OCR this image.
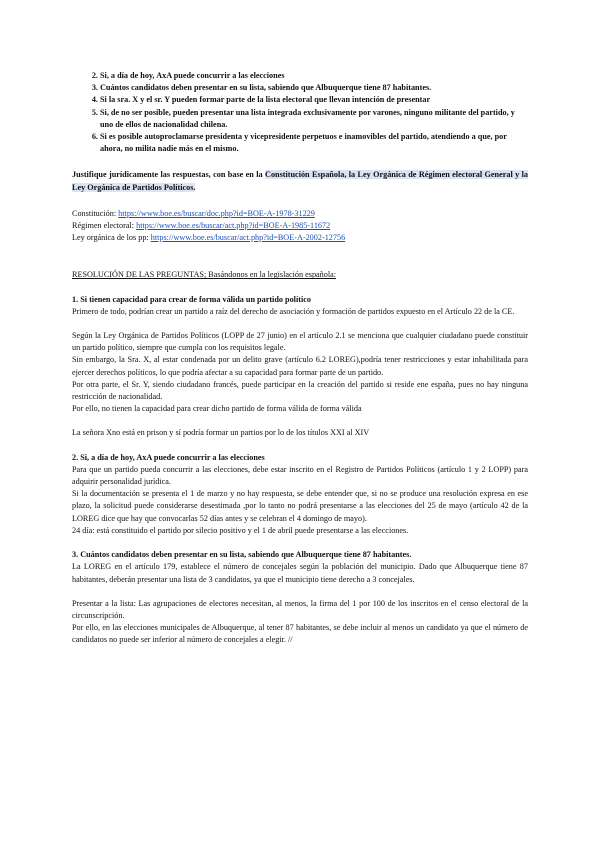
2. Si, a día de hoy, AxA puede concurrir a las elecciones
3. Cuántos candidatos deben presentar en su lista, sabiendo que Albuquerque tiene 87 habitantes.
4. Si la sra. X y el sr. Y pueden formar parte de la lista electoral que llevan intención de presentar
5. Si, de no ser posible, pueden presentar una lista integrada exclusivamente por varones, ninguno militante del partido, y uno de ellos de nacionalidad chilena.
6. Si es posible autoproclamarse presidenta y vicepresidente perpetuos e inamovibles del partido, atendiendo a que, por ahora, no milita nadie más en el mismo.

Justifique jurídicamente las respuestas, con base en la Constitución Española, la Ley Orgánica de Régimen electoral General y la Ley Orgánica de Partidos Políticos.

Constitución: https://www.boe.es/buscar/doc.php?id=BOE-A-1978-31229
Régimen electoral: https://www.boe.es/buscar/act.php?id=BOE-A-1985-11672
Ley orgánica de los pp: https://www.boe.es/buscar/act.php?id=BOE-A-2002-12756

RESOLUCIÓN DE LAS PREGUNTAS; Basándonos en la legislación española:

1. Si tienen capacidad para crear de forma válida un partido político

Primero de todo, podrían crear un partido a raíz del derecho de asociación y formación de partidos expuesto en el Artículo 22 de la CE.

Según la Ley Orgánica de Partidos Políticos (LOPP de 27 junio) en el artículo 2.1 se menciona que cualquier ciudadano puede constituir un partido político, siempre que cumpla con los requisitos legale.

Sin embargo, la Sra. X, al estar condenada por un delito grave (artículo 6.2 LOREG),podría tener restricciones y estar inhabilitada para ejercer derechos políticos, lo que podría afectar a su capacidad para formar parte de un partido.

Por otra parte, el Sr. Y, siendo ciudadano francés, puede participar en la creación del partido si reside ene españa, pues no hay ninguna restricción de nacionalidad.

Por ello, no tienen la capacidad para crear dicho partido de forma válida de forma válida

La señora Xno está en prison y sí podría formar un partios por lo de los títulos XXI al XIV

2. Si, a día de hoy, AxA puede concurrir a las elecciones

Para que un partido pueda concurrir a las elecciones, debe estar inscrito en el Registro de Partidos Políticos (artículo 1 y 2 LOPP) para adquirir personalidad jurídica.

Si la documentación se presenta el 1 de marzo y no hay respuesta, se debe entender que, si no se produce una resolución expresa en ese plazo, la solicitud puede considerarse desestimada ,por lo tanto no podrá presentarse a las elecciones del 25 de mayo (artículo 42 de la LOREG dice que hay que convocarlas 52 días antes y se celebran el 4 domingo de mayo).

24 día: está constituido el partido por silecio positivo y el 1 de abril puede presentarse a las elecciones.

3. Cuántos candidatos deben presentar en su lista, sabiendo que Albuquerque tiene 87 habitantes.

La LOREG en el artículo 179, establece el número de concejales según la población del municipio. Dado que Albuquerque tiene 87 habitantes, deberán presentar una lista de 3 candidatos, ya que el municipio tiene derecho a 3 concejales.

Presentar a la lista: Las agrupaciones de electores necesitan, al menos, la firma del 1 por 100 de los inscritos en el censo electoral de la circunscripción.

Por ello, en las elecciones municipales de Albuquerque, al tener 87 habitantes, se debe incluir al menos un candidato ya que el número de candidatos no puede ser inferior al número de concejales a elegir. //
